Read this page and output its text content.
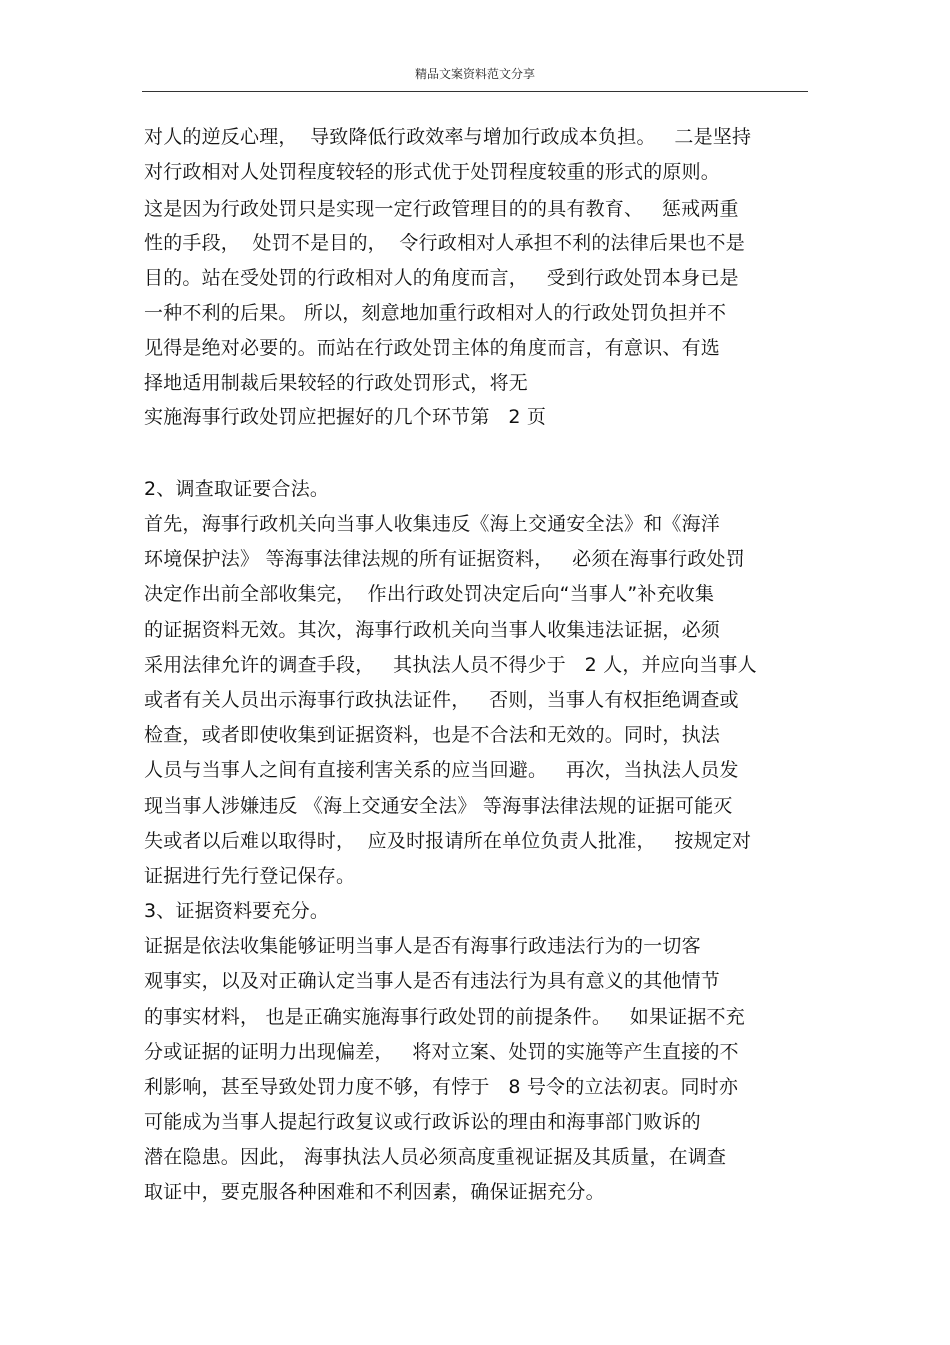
精品文案资料范文分享
对人的逆反心理，  导致降低行政效率与增加行政成本负担。   二是坚持
对行政相对人处罚程度较轻的形式优于处罚程度较重的形式的原则。
这是因为行政处罚只是实现一定行政管理目的的具有教育、   惩戒两重
性的手段，  处罚不是目的，  令行政相对人承担不利的法律后果也不是
目的。站在受处罚的行政相对人的角度而言，   受到行政处罚本身已是
一种不利的后果。 所以，刻意地加重行政相对人的行政处罚负担并不
见得是绝对必要的。而站在行政处罚主体的角度而言，有意识、有选
择地适用制裁后果较轻的行政处罚形式，将无
实施海事行政处罚应把握好的几个环节第   2 页
2、调查取证要合法。
首先，海事行政机关向当事人收集违反《海上交通安全法》和《海洋
环境保护法》 等海事法律法规的所有证据资料，   必须在海事行政处罚
决定作出前全部收集完，  作出行政处罚决定后向“当事人”补充收集
的证据资料无效。其次，海事行政机关向当事人收集违法证据，必须
采用法律允许的调查手段，   其执法人员不得少于   2 人，并应向当事人
或者有关人员出示海事行政执法证件，   否则，当事人有权拒绝调查或
检查，或者即使收集到证据资料，也是不合法和无效的。同时，执法
人员与当事人之间有直接利害关系的应当回避。   再次，当执法人员发
现当事人涉嫌违反 《海上交通安全法》 等海事法律法规的证据可能灭
失或者以后难以取得时，  应及时报请所在单位负责人批准，   按规定对
证据进行先行登记保存。
3、证据资料要充分。
证据是依法收集能够证明当事人是否有海事行政违法行为的一切客
观事实，以及对正确认定当事人是否有违法行为具有意义的其他情节
的事实材料， 也是正确实施海事行政处罚的前提条件。   如果证据不充
分或证据的证明力出现偏差，   将对立案、处罚的实施等产生直接的不
利影响，甚至导致处罚力度不够，有悖于   8 号令的立法初衷。同时亦
可能成为当事人提起行政复议或行政诉讼的理由和海事部门败诉的
潜在隐患。因此， 海事执法人员必须高度重视证据及其质量，在调查
取证中，要克服各种困难和不利因素，确保证据充分。
